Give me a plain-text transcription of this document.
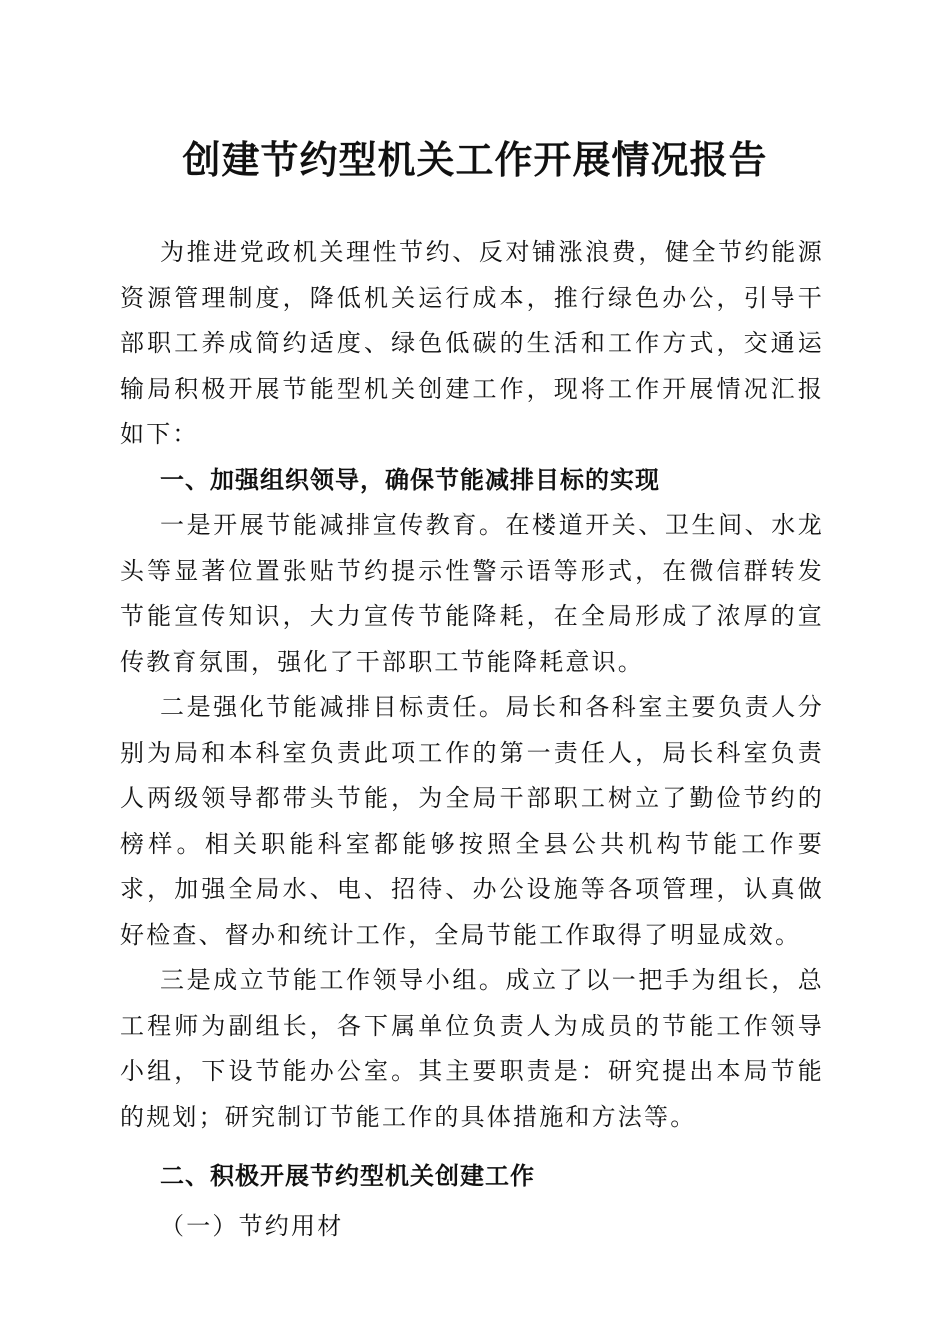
创建节约型机关工作开展情况报告

为推进党政机关理性节约、反对铺涨浪费，健全节约能源资源管理制度，降低机关运行成本，推行绿色办公，引导干部职工养成简约适度、绿色低碳的生活和工作方式，交通运输局积极开展节能型机关创建工作，现将工作开展情况汇报如下：

一、加强组织领导，确保节能减排目标的实现

一是开展节能减排宣传教育。在楼道开关、卫生间、水龙头等显著位置张贴节约提示性警示语等形式，在微信群转发节能宣传知识，大力宣传节能降耗，在全局形成了浓厚的宣传教育氛围，强化了干部职工节能降耗意识。

二是强化节能减排目标责任。局长和各科室主要负责人分别为局和本科室负责此项工作的第一责任人，局长科室负责人两级领导都带头节能，为全局干部职工树立了勤俭节约的榜样。相关职能科室都能够按照全县公共机构节能工作要求，加强全局水、电、招待、办公设施等各项管理，认真做好检查、督办和统计工作，全局节能工作取得了明显成效。

三是成立节能工作领导小组。成立了以一把手为组长，总工程师为副组长，各下属单位负责人为成员的节能工作领导小组，下设节能办公室。其主要职责是：研究提出本局节能的规划；研究制订节能工作的具体措施和方法等。

二、积极开展节约型机关创建工作

（一）节约用材
